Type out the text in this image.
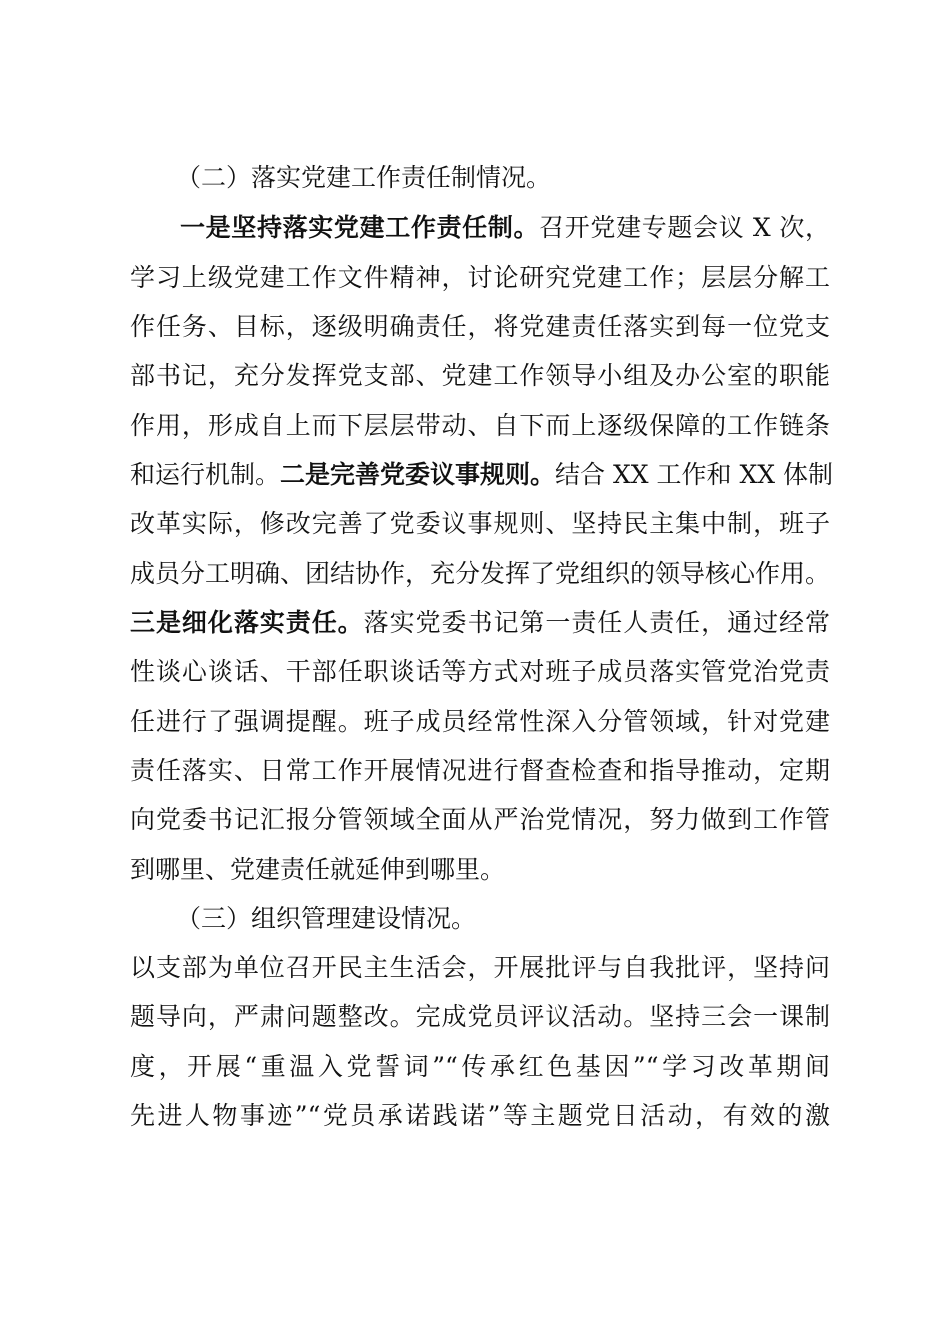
（二）落实党建工作责任制情况。
一是坚持落实党建工作责任制。召开党建专题会议 X 次，
学习上级党建工作文件精神，讨论研究党建工作；层层分解工
作任务、目标，逐级明确责任，将党建责任落实到每一位党支
部书记，充分发挥党支部、党建工作领导小组及办公室的职能
作用，形成自上而下层层带动、自下而上逐级保障的工作链条
和运行机制。二是完善党委议事规则。结合 XX 工作和 XX 体制
改革实际，修改完善了党委议事规则、坚持民主集中制，班子
成员分工明确、团结协作，充分发挥了党组织的领导核心作用。
三是细化落实责任。落实党委书记第一责任人责任，通过经常
性谈心谈话、干部任职谈话等方式对班子成员落实管党治党责
任进行了强调提醒。班子成员经常性深入分管领域，针对党建
责任落实、日常工作开展情况进行督查检查和指导推动，定期
向党委书记汇报分管领域全面从严治党情况，努力做到工作管
到哪里、党建责任就延伸到哪里。
（三）组织管理建设情况。
以支部为单位召开民主生活会，开展批评与自我批评，坚持问
题导向，严肃问题整改。完成党员评议活动。坚持三会一课制
度，开展“重温入党誓词”“传承红色基因”“学习改革期间
先进人物事迹”“党员承诺践诺”等主题党日活动，有效的激
